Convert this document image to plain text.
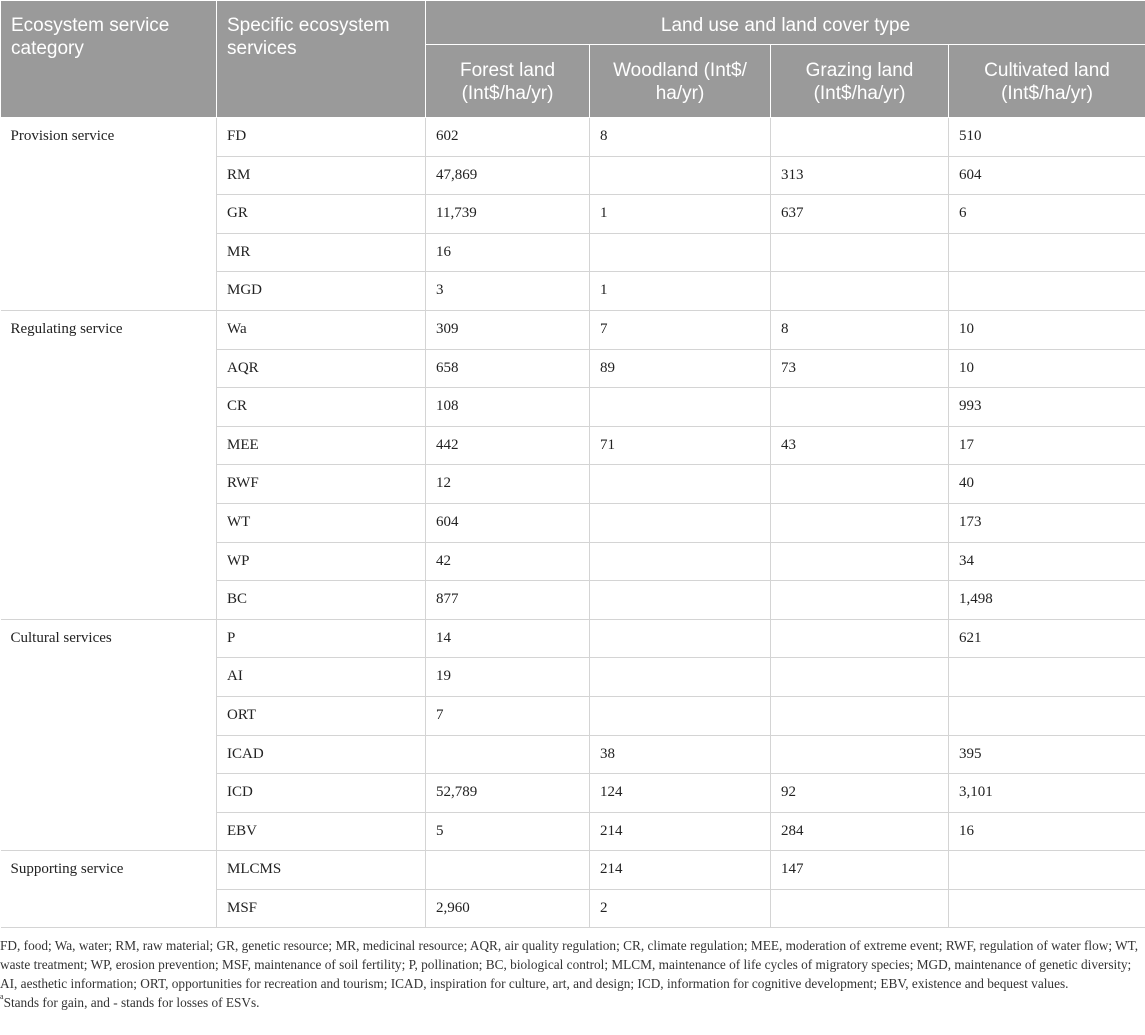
Ecosystem service category	Specific ecosystem services	Land use and land cover type			
		Forest land (Int$/ha/yr)	Woodland (Int$/ ha/yr)	Grazing land (Int$/ha/yr)	Cultivated land (Int$/ha/yr)
Provision service	FD	602	8		510
	RM	47,869		313	604
	GR	11,739	1	637	6
	MR	16			
	MGD	3	1		
Regulating service	Wa	309	7	8	10
	AQR	658	89	73	10
	CR	108			993
	MEE	442	71	43	17
	RWF	12			40
	WT	604			173
	WP	42			34
	BC	877			1,498
Cultural services	P	14			621
	AI	19			
	ORT	7			
	ICAD		38		395
	ICD	52,789	124	92	3,101
	EBV	5	214	284	16
Supporting service	MLCMS		214	147	
	MSF	2,960	2		

FD, food; Wa, water; RM, raw material; GR, genetic resource; MR, medicinal resource; AQR, air quality regulation; CR, climate regulation; MEE, moderation of extreme event; RWF, regulation of water flow; WT, waste treatment; WP, erosion prevention; MSF, maintenance of soil fertility; P, pollination; BC, biological control; MLCM, maintenance of life cycles of migratory species; MGD, maintenance of genetic diversity; AI, aesthetic information; ORT, opportunities for recreation and tourism; ICAD, inspiration for culture, art, and design; ICD, information for cognitive development; EBV, existence and bequest values.

$^a$Stands for gain, and - stands for losses of ESVs.
